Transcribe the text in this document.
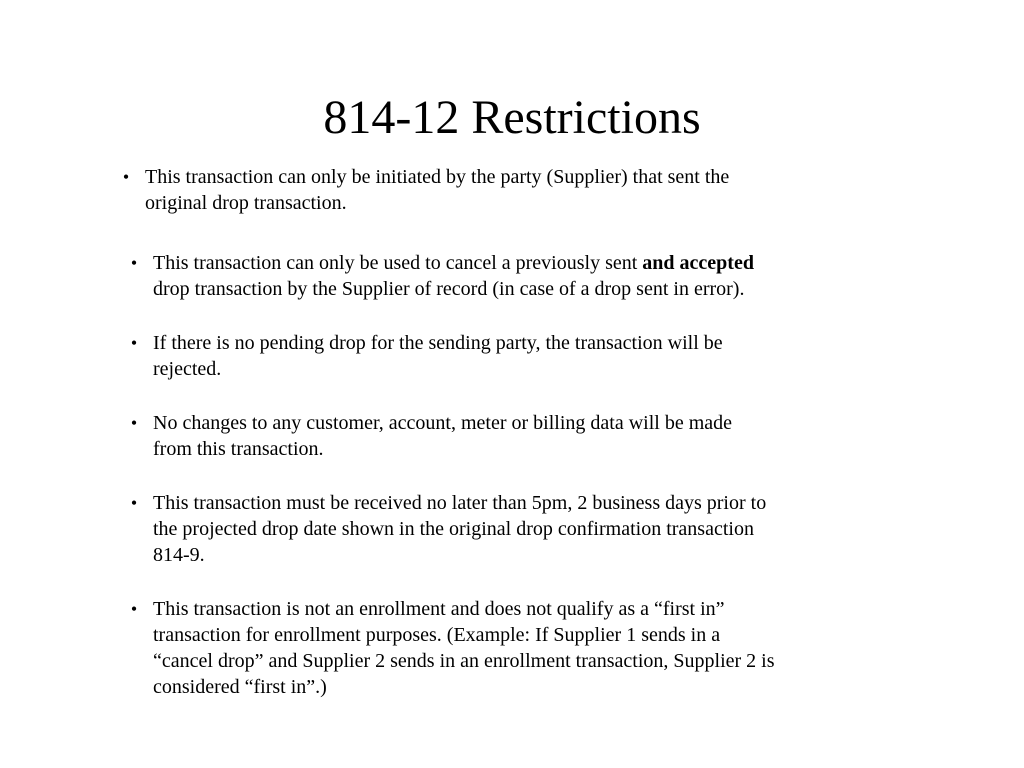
814-12 Restrictions
• This transaction can only be initiated by the party (Supplier) that sent the
original drop transaction.
• This transaction can only be used to cancel a previously sent and accepted
drop transaction by the Supplier of record (in case of a drop sent in error).
• If there is no pending drop for the sending party, the transaction will be
rejected.
• No changes to any customer, account, meter or billing data will be made
from this transaction.
• This transaction must be received no later than 5pm, 2 business days prior to
the projected drop date shown in the original drop confirmation transaction
814-9.
• This transaction is not an enrollment and does not qualify as a “first in”
transaction for enrollment purposes. (Example: If Supplier 1 sends in a
“cancel drop” and Supplier 2 sends in an enrollment transaction, Supplier 2 is
considered “first in”.)
